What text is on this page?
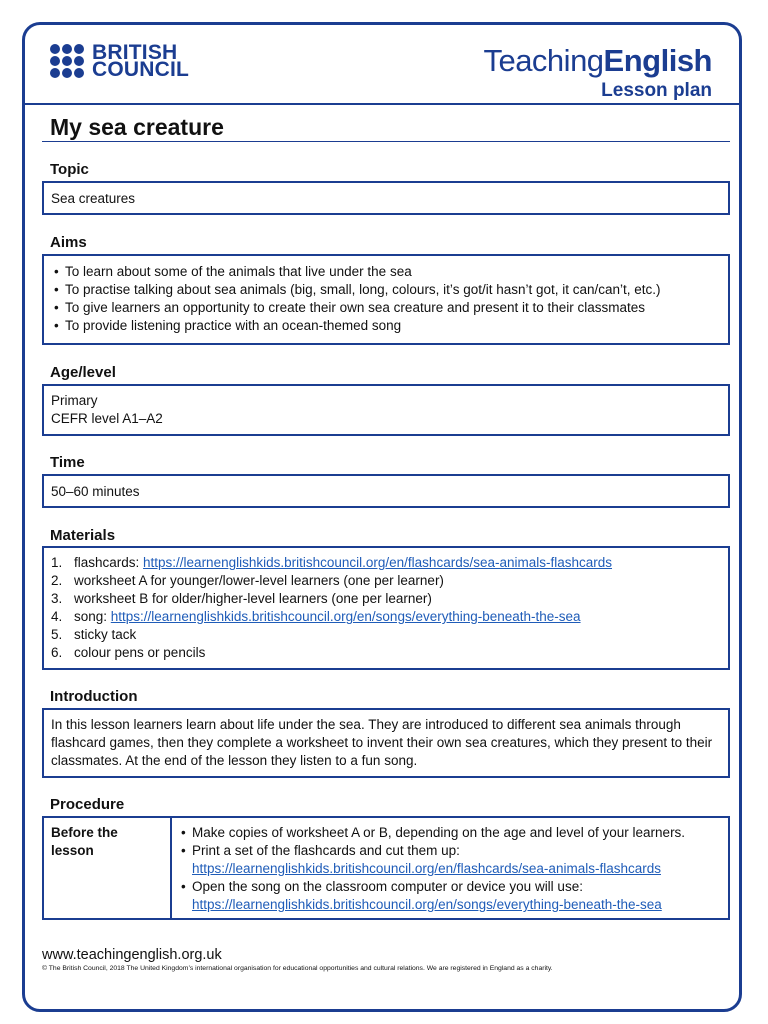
BRITISH
COUNCIL	TeachingEnglish
Lesson plan
My sea creature
Topic
Sea creatures
Aims
• To learn about some of the animals that live under the sea
• To practise talking about sea animals (big, small, long, colours, it’s got/it hasn’t got, it can/can’t, etc.)
• To give learners an opportunity to create their own sea creature and present it to their classmates
• To provide listening practice with an ocean-themed song
Age/level
Primary
CEFR level A1–A2
Time
50–60 minutes
Materials
1. flashcards: https://learnenglishkids.britishcouncil.org/en/flashcards/sea-animals-flashcards
2. worksheet A for younger/lower-level learners (one per learner)
3. worksheet B for older/higher-level learners (one per learner)
4. song: https://learnenglishkids.britishcouncil.org/en/songs/everything-beneath-the-sea
5. sticky tack
6. colour pens or pencils
Introduction
In this lesson learners learn about life under the sea. They are introduced to different sea animals through flashcard games, then they complete a worksheet to invent their own sea creatures, which they present to their classmates. At the end of the lesson they listen to a fun song.
Procedure
Before the lesson
• Make copies of worksheet A or B, depending on the age and level of your learners.
• Print a set of the flashcards and cut them up:
https://learnenglishkids.britishcouncil.org/en/flashcards/sea-animals-flashcards
• Open the song on the classroom computer or device you will use:
https://learnenglishkids.britishcouncil.org/en/songs/everything-beneath-the-sea
www.teachingenglish.org.uk
© The British Council, 2018 The United Kingdom’s international organisation for educational opportunities and cultural relations. We are registered in England as a charity.
